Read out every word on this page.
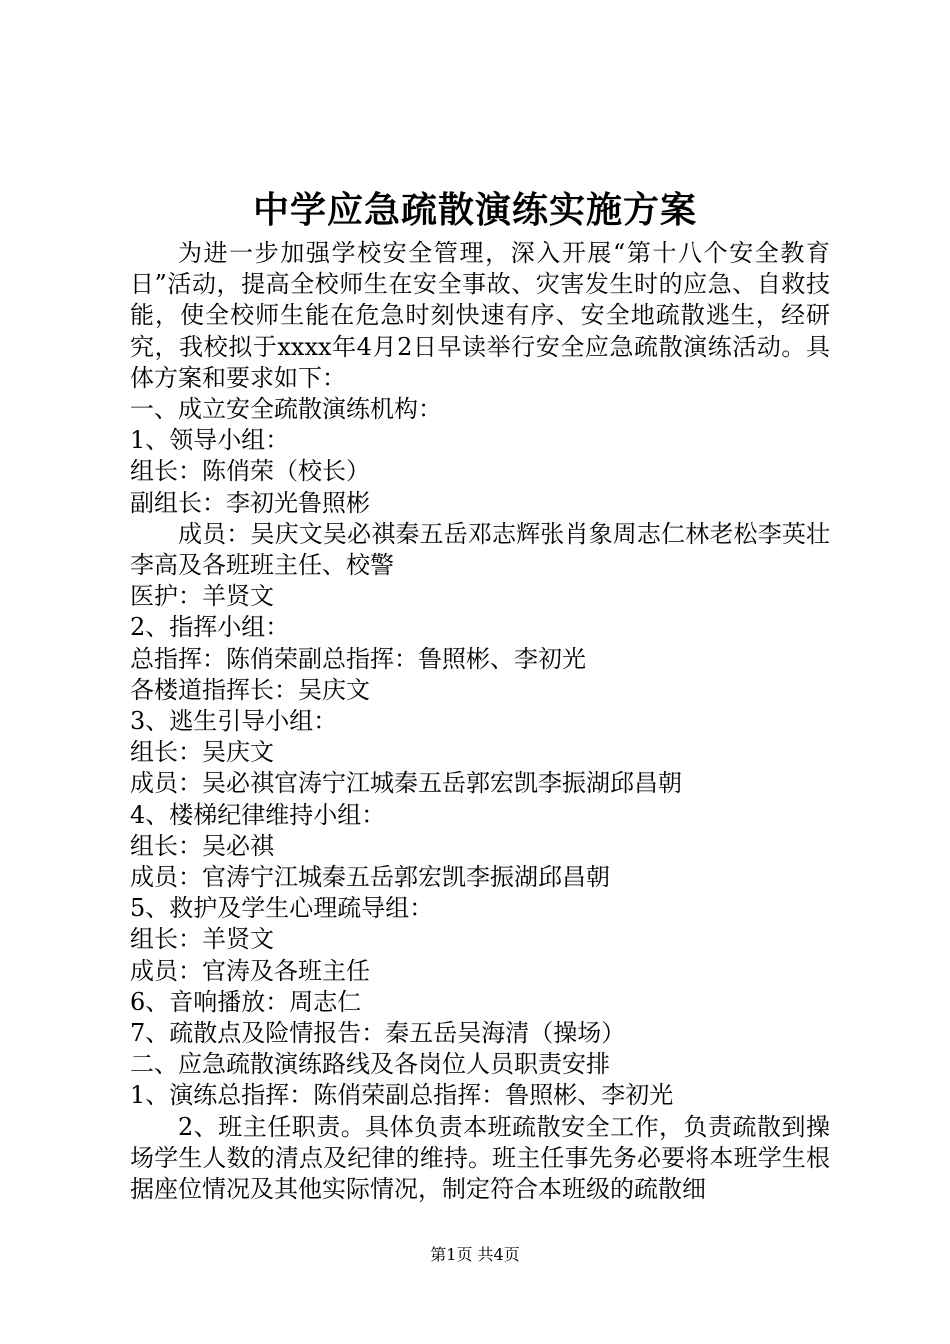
中学应急疏散演练实施方案

为进一步加强学校安全管理，深入开展“第十八个安全教育日”活动，提高全校师生在安全事故、灾害发生时的应急、自救技能，使全校师生能在危急时刻快速有序、安全地疏散逃生，经研究，我校拟于xxxx年4月2日早读举行安全应急疏散演练活动。具体方案和要求如下：

一、成立安全疏散演练机构：

1、领导小组：

组长：陈俏荣（校长）

副组长：李初光鲁照彬

成员：吴庆文吴必祺秦五岳邓志辉张肖象周志仁林老松李英壮李高及各班班主任、校警

医护：羊贤文

2、指挥小组：

总指挥：陈俏荣副总指挥：鲁照彬、李初光

各楼道指挥长：吴庆文

3、逃生引导小组：

组长：吴庆文

成员：吴必祺官涛宁江城秦五岳郭宏凯李振湖邱昌朝

4、楼梯纪律维持小组：

组长：吴必祺

成员：官涛宁江城秦五岳郭宏凯李振湖邱昌朝

5、救护及学生心理疏导组：

组长：羊贤文

成员：官涛及各班主任

6、音响播放：周志仁

7、疏散点及险情报告：秦五岳吴海清（操场）

二、应急疏散演练路线及各岗位人员职责安排

1、演练总指挥：陈俏荣副总指挥：鲁照彬、李初光

2、班主任职责。具体负责本班疏散安全工作，负责疏散到操场学生人数的清点及纪律的维持。班主任事先务必要将本班学生根据座位情况及其他实际情况，制定符合本班级的疏散细

第1页 共4页
